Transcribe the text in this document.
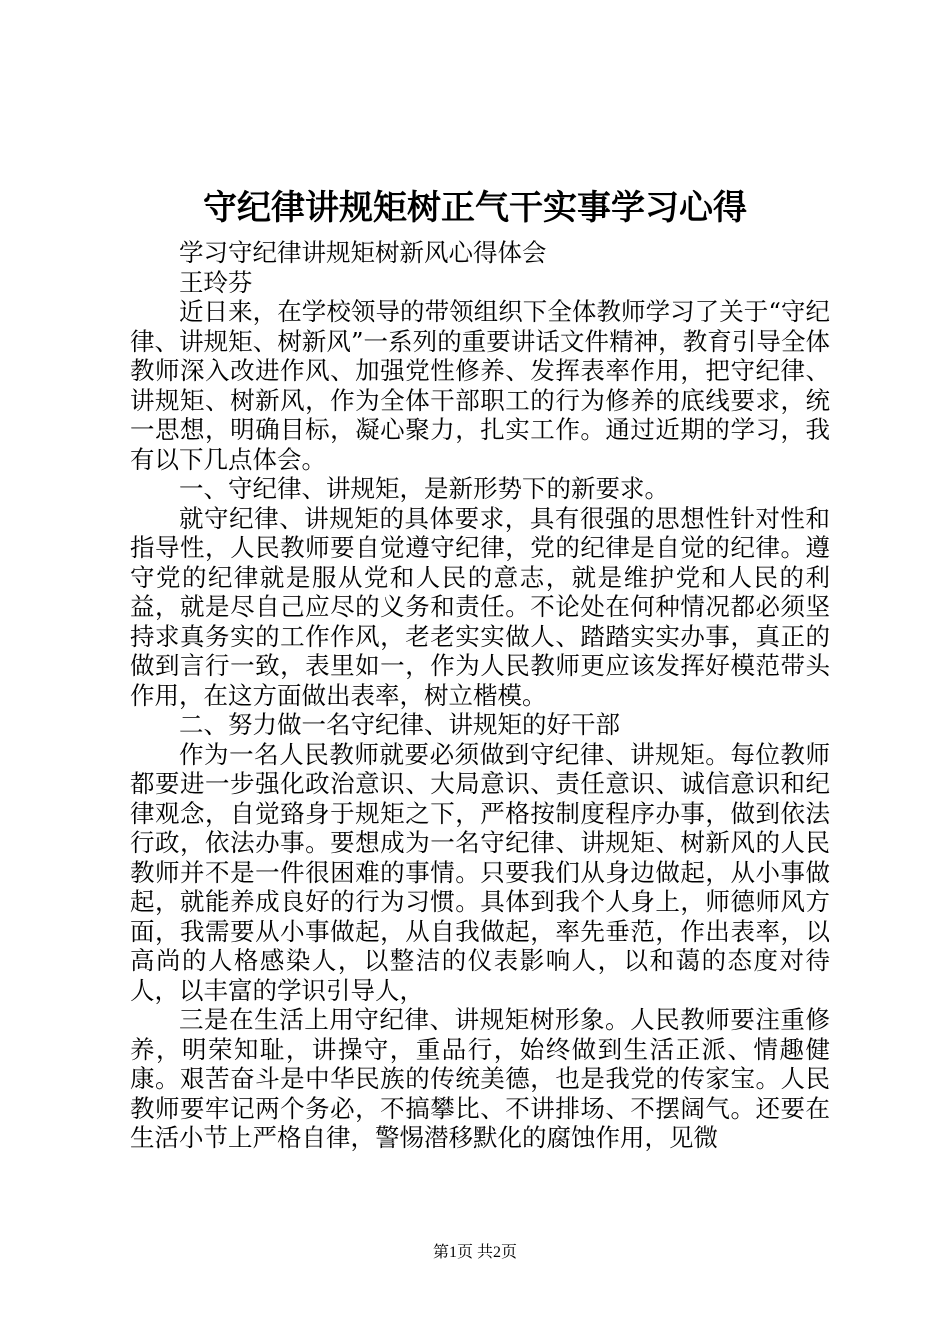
守纪律讲规矩树正气干实事学习心得

学习守纪律讲规矩树新风心得体会

王玲芬

近日来，在学校领导的带领组织下全体教师学习了关于“守纪律、讲规矩、树新风”一系列的重要讲话文件精神，教育引导全体教师深入改进作风、加强党性修养、发挥表率作用，把守纪律、讲规矩、树新风，作为全体干部职工的行为修养的底线要求，统一思想，明确目标，凝心聚力，扎实工作。通过近期的学习，我有以下几点体会。

一、守纪律、讲规矩，是新形势下的新要求。

就守纪律、讲规矩的具体要求，具有很强的思想性针对性和指导性，人民教师要自觉遵守纪律，党的纪律是自觉的纪律。遵守党的纪律就是服从党和人民的意志，就是维护党和人民的利益，就是尽自己应尽的义务和责任。不论处在何种情况都必须坚持求真务实的工作作风，老老实实做人、踏踏实实办事，真正的做到言行一致，表里如一，作为人民教师更应该发挥好模范带头作用，在这方面做出表率，树立楷模。

二、努力做一名守纪律、讲规矩的好干部

作为一名人民教师就要必须做到守纪律、讲规矩。每位教师都要进一步强化政治意识、大局意识、责任意识、诚信意识和纪律观念，自觉臵身于规矩之下，严格按制度程序办事，做到依法行政，依法办事。要想成为一名守纪律、讲规矩、树新风的人民教师并不是一件很困难的事情。只要我们从身边做起，从小事做起，就能养成良好的行为习惯。具体到我个人身上，师德师风方面，我需要从小事做起，从自我做起，率先垂范，作出表率，以高尚的人格感染人，以整洁的仪表影响人，以和蔼的态度对待人，以丰富的学识引导人，

三是在生活上用守纪律、讲规矩树形象。人民教师要注重修养，明荣知耻，讲操守，重品行，始终做到生活正派、情趣健康。艰苦奋斗是中华民族的传统美德，也是我党的传家宝。人民教师要牢记两个务必，不搞攀比、不讲排场、不摆阔气。还要在生活小节上严格自律，警惕潜移默化的腐蚀作用，见微

第1页 共2页
